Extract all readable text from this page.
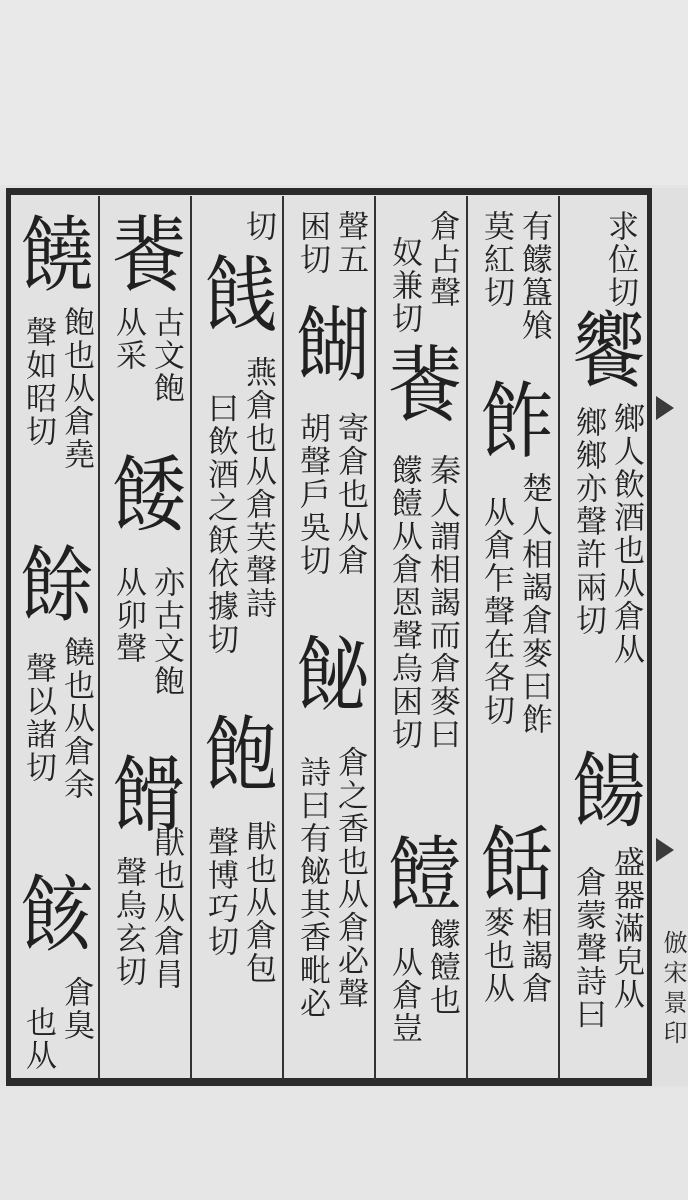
求位切
饗
鄉人飲酒也从倉从
鄉鄉亦聲許兩切
餳
盛器滿皃从
倉蒙聲詩曰
有饛簋飧
莫紅切
飵
楚人相謁倉麥曰飵
从倉乍聲在各切
餂
相謁倉
麥也从
倉占聲
奴兼切
餥
秦人謂相謁而倉麥曰
饛饐从倉恩聲烏困切
饐
饛饐也
从倉豈
聲五
困切
餬
寄倉也从倉
胡聲戶吳切
飶
倉之香也从倉必聲
詩曰有飶其香毗必
切
䬻
燕倉也从倉芙聲詩
曰飲酒之飫依據切
飽
猒也从倉包
聲博巧切
餥
古文飽
从采
餧
亦古文飽
从卯聲
餶
猒也从倉肙
聲烏玄切
饒
飽也从倉堯
聲如昭切
餘
饒也从倉余
聲以諸切
䬵
倉臭
也从	倣宋景印
